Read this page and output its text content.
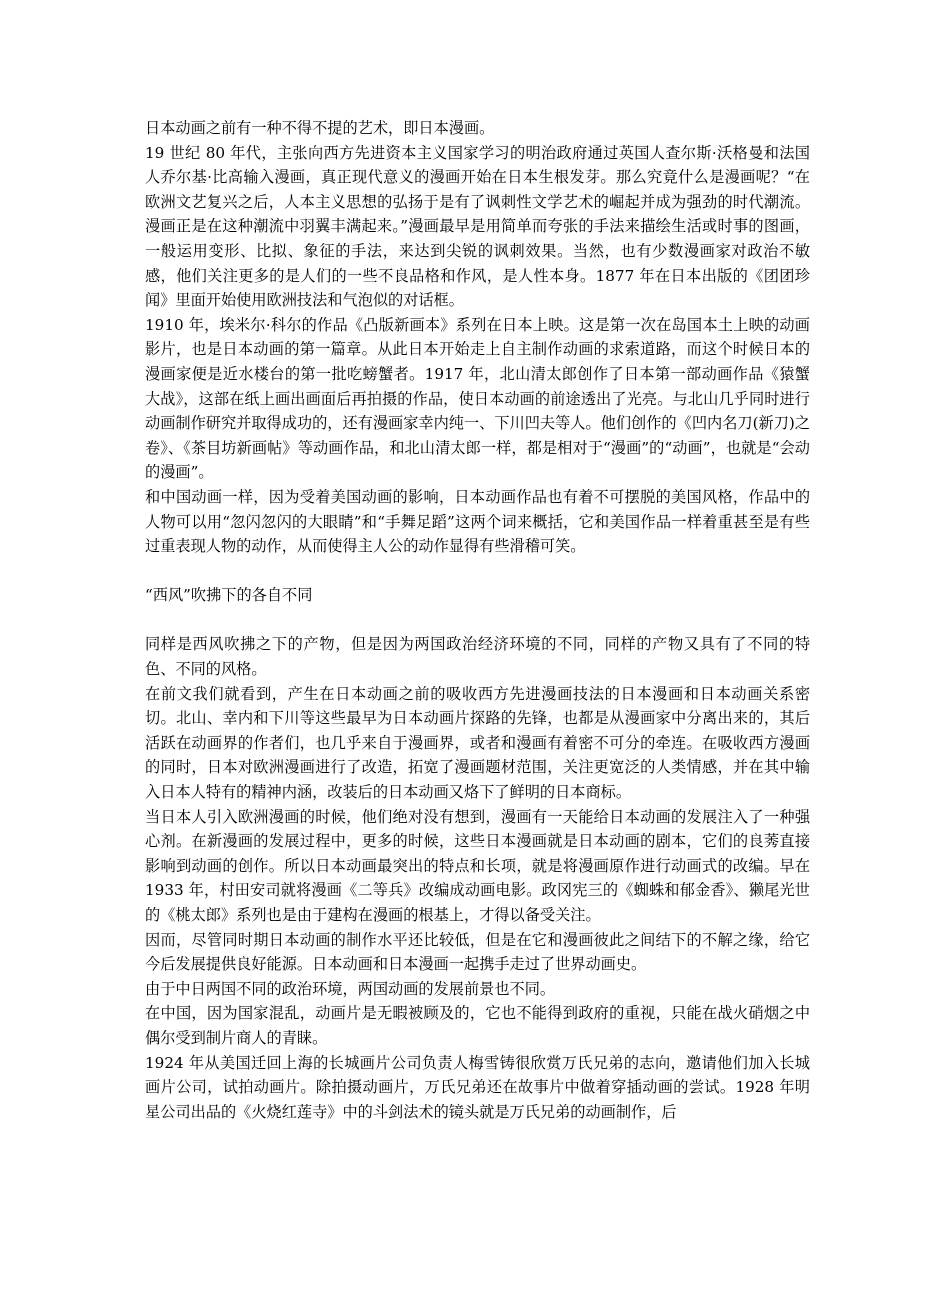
日本动画之前有一种不得不提的艺术，即日本漫画。

19 世纪 80 年代，主张向西方先进资本主义国家学习的明治政府通过英国人查尔斯·沃格曼和法国人乔尔基·比高输入漫画，真正现代意义的漫画开始在日本生根发芽。那么究竟什么是漫画呢？“在欧洲文艺复兴之后，人本主义思想的弘扬于是有了讽刺性文学艺术的崛起并成为强劲的时代潮流。漫画正是在这种潮流中羽翼丰满起来。”漫画最早是用简单而夸张的手法来描绘生活或时事的图画，一般运用变形、比拟、象征的手法，来达到尖锐的讽刺效果。当然，也有少数漫画家对政治不敏感，他们关注更多的是人们的一些不良品格和作风，是人性本身。1877 年在日本出版的《团团珍闻》里面开始使用欧洲技法和气泡似的对话框。

1910 年，埃米尔·科尔的作品《凸版新画本》系列在日本上映。这是第一次在岛国本土上映的动画影片，也是日本动画的第一篇章。从此日本开始走上自主制作动画的求索道路，而这个时候日本的漫画家便是近水楼台的第一批吃螃蟹者。1917 年，北山清太郎创作了日本第一部动画作品《猿蟹大战》，这部在纸上画出画面后再拍摄的作品，使日本动画的前途透出了光亮。与北山几乎同时进行动画制作研究并取得成功的，还有漫画家幸内纯一、下川凹夫等人。他们创作的《凹内名刀(新刀)之卷》、《茶目坊新画帖》等动画作品，和北山清太郎一样，都是相对于“漫画”的“动画”，也就是“会动的漫画”。

和中国动画一样，因为受着美国动画的影响，日本动画作品也有着不可摆脱的美国风格，作品中的人物可以用“忽闪忽闪的大眼睛”和“手舞足蹈”这两个词来概括，它和美国作品一样着重甚至是有些过重表现人物的动作，从而使得主人公的动作显得有些滑稽可笑。

“西风”吹拂下的各自不同

同样是西风吹拂之下的产物，但是因为两国政治经济环境的不同，同样的产物又具有了不同的特色、不同的风格。

在前文我们就看到，产生在日本动画之前的吸收西方先进漫画技法的日本漫画和日本动画关系密切。北山、幸内和下川等这些最早为日本动画片探路的先锋，也都是从漫画家中分离出来的，其后活跃在动画界的作者们，也几乎来自于漫画界，或者和漫画有着密不可分的牵连。在吸收西方漫画的同时，日本对欧洲漫画进行了改造，拓宽了漫画题材范围，关注更宽泛的人类情感，并在其中输入日本人特有的精神内涵，改装后的日本动画又烙下了鲜明的日本商标。

当日本人引入欧洲漫画的时候，他们绝对没有想到，漫画有一天能给日本动画的发展注入了一种强心剂。在新漫画的发展过程中，更多的时候，这些日本漫画就是日本动画的剧本，它们的良莠直接影响到动画的创作。所以日本动画最突出的特点和长项，就是将漫画原作进行动画式的改编。早在 1933 年，村田安司就将漫画《二等兵》改编成动画电影。政冈宪三的《蜘蛛和郁金香》、獭尾光世的《桃太郎》系列也是由于建构在漫画的根基上，才得以备受关注。

因而，尽管同时期日本动画的制作水平还比较低，但是在它和漫画彼此之间结下的不解之缘，给它今后发展提供良好能源。日本动画和日本漫画一起携手走过了世界动画史。

由于中日两国不同的政治环境，两国动画的发展前景也不同。

在中国，因为国家混乱，动画片是无暇被顾及的，它也不能得到政府的重视，只能在战火硝烟之中偶尔受到制片商人的青睐。

1924 年从美国迁回上海的长城画片公司负责人梅雪铸很欣赏万氏兄弟的志向，邀请他们加入长城画片公司，试拍动画片。除拍摄动画片，万氏兄弟还在故事片中做着穿插动画的尝试。1928 年明星公司出品的《火烧红莲寺》中的斗剑法术的镜头就是万氏兄弟的动画制作，后
